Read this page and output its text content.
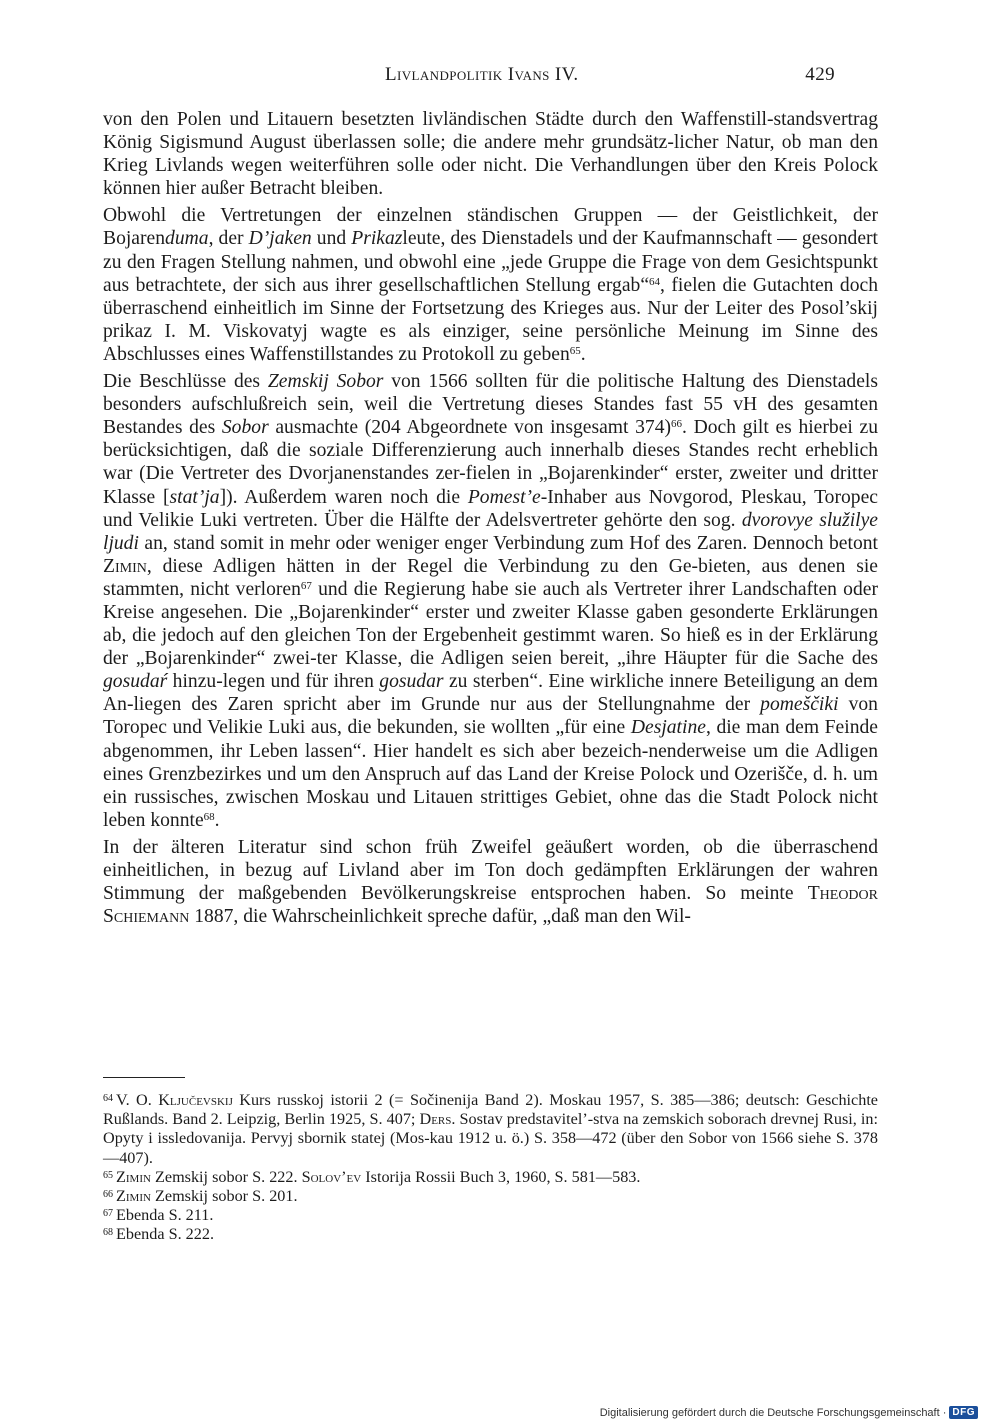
Livlandpolitik Ivans IV.	429

von den Polen und Litauern besetzten livländischen Städte durch den Waffenstill-standsvertrag König Sigismund August überlassen solle; die andere mehr grundsätz-licher Natur, ob man den Krieg Livlands wegen weiterführen solle oder nicht. Die Verhandlungen über den Kreis Polock können hier außer Betracht bleiben.

Obwohl die Vertretungen der einzelnen ständischen Gruppen — der Geistlichkeit, der Bojarenduma, der D’jaken und Prikazleute, des Dienstadels und der Kaufmannschaft — gesondert zu den Fragen Stellung nahmen, und obwohl eine „jede Gruppe die Frage von dem Gesichtspunkt aus betrachtete, der sich aus ihrer gesellschaftlichen Stellung ergab“$^{64}$, fielen die Gutachten doch überraschend einheitlich im Sinne der Fortsetzung des Krieges aus. Nur der Leiter des Posol’skij prikaz I. M. Viskovatyj wagte es als einziger, seine persönliche Meinung im Sinne des Abschlusses eines Waffenstillstandes zu Protokoll zu geben$^{65}$.

Die Beschlüsse des Zemskij Sobor von 1566 sollten für die politische Haltung des Dienstadels besonders aufschlußreich sein, weil die Vertretung dieses Standes fast 55 vH des gesamten Bestandes des Sobor ausmachte (204 Abgeordnete von insgesamt 374)$^{66}$. Doch gilt es hierbei zu berücksichtigen, daß die soziale Differenzierung auch innerhalb dieses Standes recht erheblich war (Die Vertreter des Dvorjanenstandes zer-fielen in „Bojarenkinder“ erster, zweiter und dritter Klasse [stat’ja]). Außerdem waren noch die Pomest’e-Inhaber aus Novgorod, Pleskau, Toropec und Velikie Luki vertreten. Über die Hälfte der Adelsvertreter gehörte den sog. dvorovye služilye ljudi an, stand somit in mehr oder weniger enger Verbindung zum Hof des Zaren. Dennoch betont Zimin, diese Adligen hätten in der Regel die Verbindung zu den Ge-bieten, aus denen sie stammten, nicht verloren$^{67}$ und die Regierung habe sie auch als Vertreter ihrer Landschaften oder Kreise angesehen. Die „Bojarenkinder“ erster und zweiter Klasse gaben gesonderte Erklärungen ab, die jedoch auf den gleichen Ton der Ergebenheit gestimmt waren. So hieß es in der Erklärung der „Bojarenkinder“ zwei-ter Klasse, die Adligen seien bereit, „ihre Häupter für die Sache des gosudaŕ hinzu-legen und für ihren gosudar zu sterben“. Eine wirkliche innere Beteiligung an dem An-liegen des Zaren spricht aber im Grunde nur aus der Stellungnahme der pomeščiki von Toropec und Velikie Luki aus, die bekunden, sie wollten „für eine Desjatine, die man dem Feinde abgenommen, ihr Leben lassen“. Hier handelt es sich aber bezeich-nenderweise um die Adligen eines Grenzbezirkes und um den Anspruch auf das Land der Kreise Polock und Ozerišče, d. h. um ein russisches, zwischen Moskau und Litauen strittiges Gebiet, ohne das die Stadt Polock nicht leben konnte$^{68}$.

In der älteren Literatur sind schon früh Zweifel geäußert worden, ob die überraschend einheitlichen, in bezug auf Livland aber im Ton doch gedämpften Erklärungen der wahren Stimmung der maßgebenden Bevölkerungskreise entsprochen haben. So meinte Theodor Schiemann 1887, die Wahrscheinlichkeit spreche dafür, „daß man den Wil-

$^{64}$ V. O. Ključevskij Kurs russkoj istorii 2 (= Sočinenija Band 2). Moskau 1957, S. 385—386; deutsch: Geschichte Rußlands. Band 2. Leipzig, Berlin 1925, S. 407; Ders. Sostav predstavitel’-stva na zemskich soborach drevnej Rusi, in: Opyty i issledovanija. Pervyj sbornik statej (Mos-kau 1912 u. ö.) S. 358—472 (über den Sobor von 1566 siehe S. 378—407).

$^{65}$ Zimin Zemskij sobor S. 222. Solov’ev Istorija Rossii Buch 3, 1960, S. 581—583.

$^{66}$ Zimin Zemskij sobor S. 201.

$^{67}$ Ebenda S. 211.

$^{68}$ Ebenda S. 222.

Digitalisierung gefördert durch die Deutsche Forschungsgemeinschaft · DFG
